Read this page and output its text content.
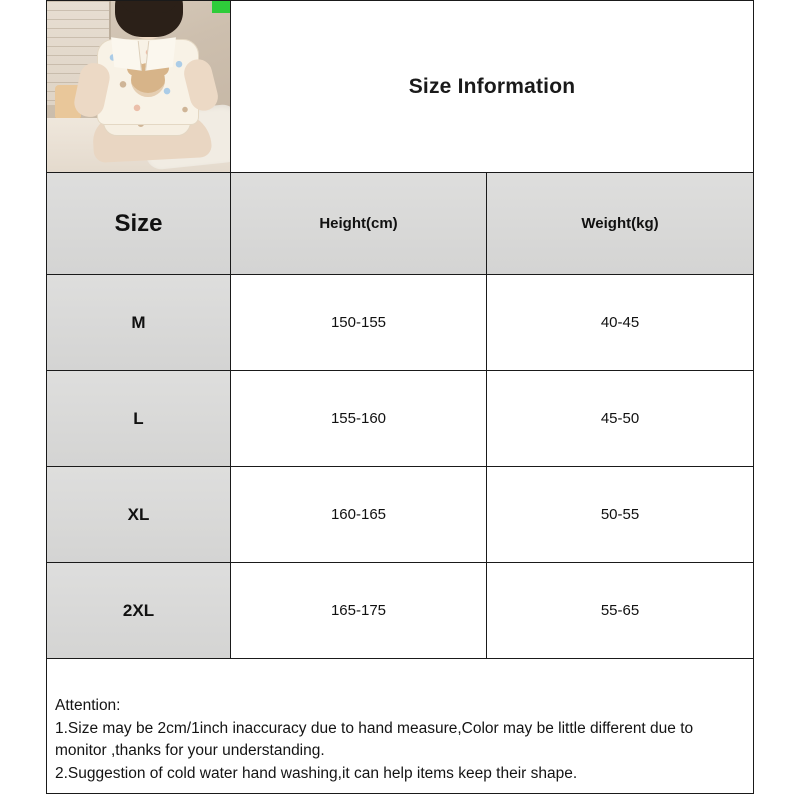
Size Information
Size	Height(cm)	Weight(kg)
M	150-155	40-45
L	155-160	45-50
XL	160-165	50-55
2XL	165-175	55-65

Attention:

1.Size may be 2cm/1inch inaccuracy due to hand measure,Color may be little different due to monitor ,thanks for your understanding.

2.Suggestion of cold water hand washing,it can help items keep their shape.
